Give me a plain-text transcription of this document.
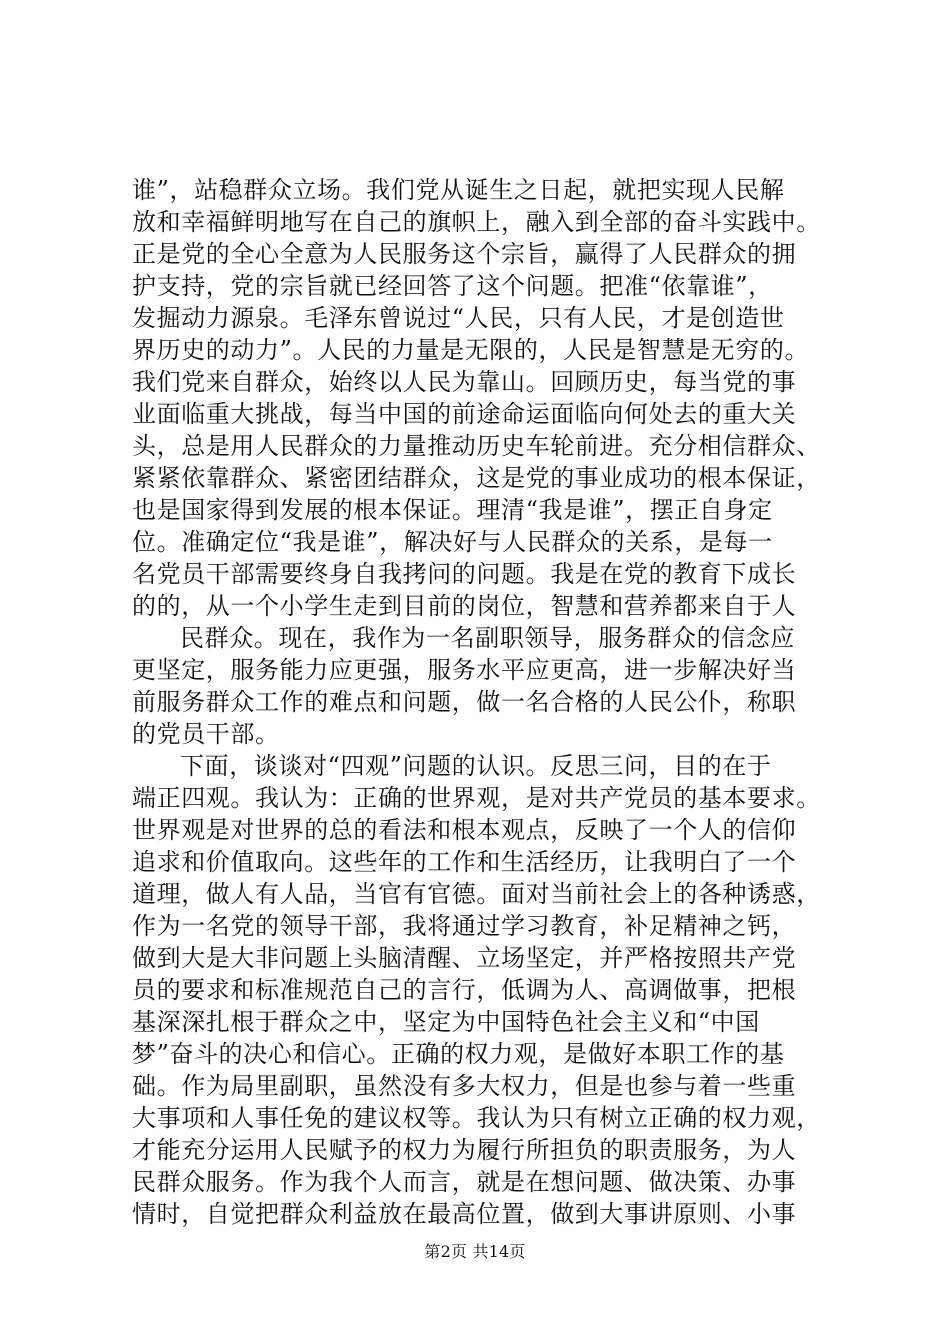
谁”，站稳群众立场。我们党从诞生之日起，就把实现人民解
放和幸福鲜明地写在自己的旗帜上，融入到全部的奋斗实践中。
正是党的全心全意为人民服务这个宗旨，赢得了人民群众的拥
护支持，党的宗旨就已经回答了这个问题。把准“依靠谁”，
发掘动力源泉。毛泽东曾说过“人民，只有人民，才是创造世
界历史的动力”。人民的力量是无限的，人民是智慧是无穷的。
我们党来自群众，始终以人民为靠山。回顾历史，每当党的事
业面临重大挑战，每当中国的前途命运面临向何处去的重大关
头，总是用人民群众的力量推动历史车轮前进。充分相信群众、
紧紧依靠群众、紧密团结群众，这是党的事业成功的根本保证，
也是国家得到发展的根本保证。理清“我是谁”，摆正自身定
位。准确定位“我是谁”，解决好与人民群众的关系，是每一
名党员干部需要终身自我拷问的问题。我是在党的教育下成长
的的，从一个小学生走到目前的岗位，智慧和营养都来自于人
民群众。现在，我作为一名副职领导，服务群众的信念应
更坚定，服务能力应更强，服务水平应更高，进一步解决好当
前服务群众工作的难点和问题，做一名合格的人民公仆，称职
的党员干部。
下面，谈谈对“四观”问题的认识。反思三问，目的在于
端正四观。我认为：正确的世界观，是对共产党员的基本要求。
世界观是对世界的总的看法和根本观点，反映了一个人的信仰
追求和价值取向。这些年的工作和生活经历，让我明白了一个
道理，做人有人品，当官有官德。面对当前社会上的各种诱惑，
作为一名党的领导干部，我将通过学习教育，补足精神之钙，
做到大是大非问题上头脑清醒、立场坚定，并严格按照共产党
员的要求和标准规范自己的言行，低调为人、高调做事，把根
基深深扎根于群众之中，坚定为中国特色社会主义和“中国
梦”奋斗的决心和信心。正确的权力观，是做好本职工作的基
础。作为局里副职，虽然没有多大权力，但是也参与着一些重
大事项和人事任免的建议权等。我认为只有树立正确的权力观，
才能充分运用人民赋予的权力为履行所担负的职责服务，为人
民群众服务。作为我个人而言，就是在想问题、做决策、办事
情时，自觉把群众利益放在最高位置，做到大事讲原则、小事
第2页 共14页
